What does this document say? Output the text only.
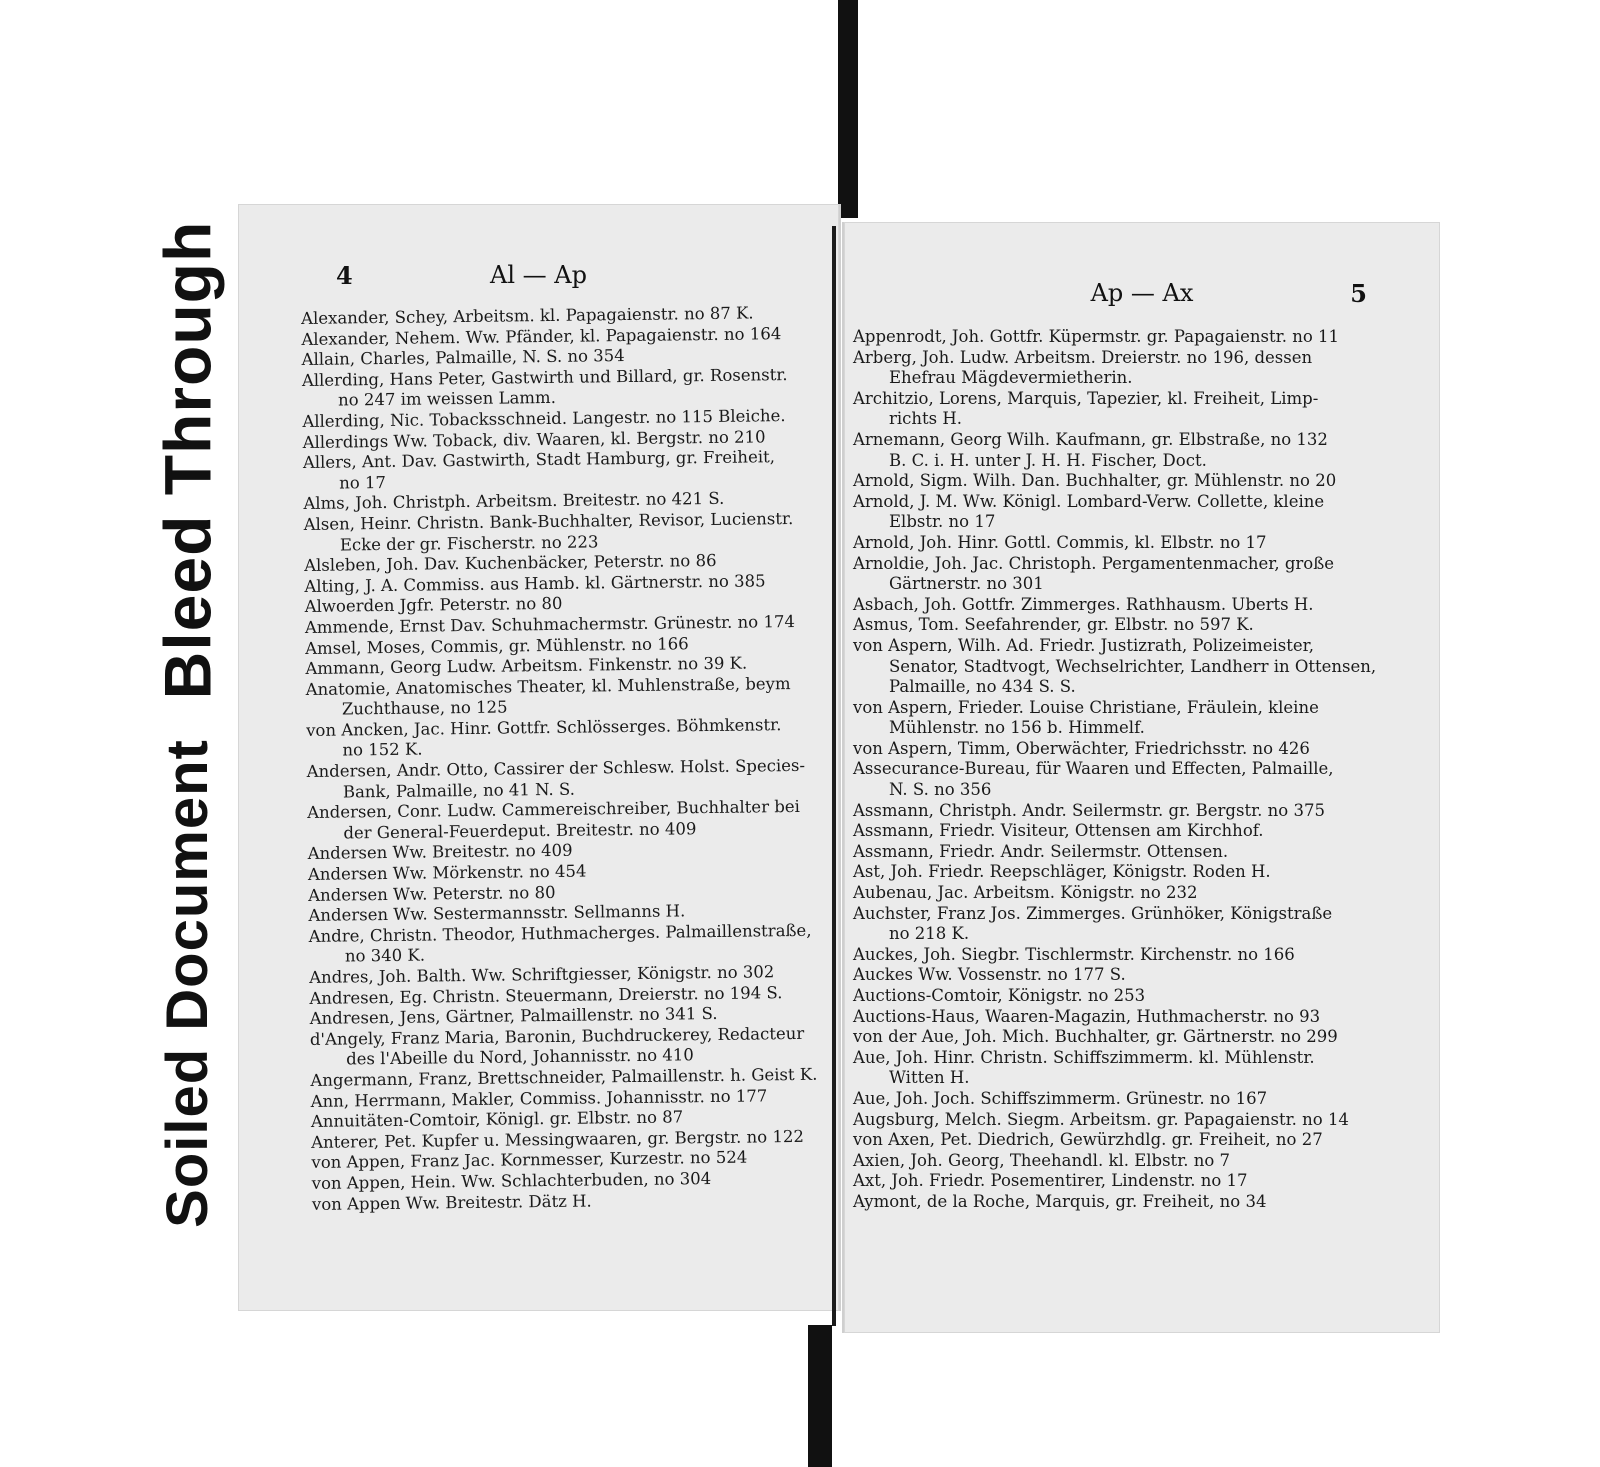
Bleed Through
Soiled Document
4	Al — Ap

Alexander, Schey, Arbeitsm. kl. Papagaienstr. no 87 K.

Alexander, Nehem. Ww. Pfänder, kl. Papagaienstr. no 164

Allain, Charles, Palmaille, N. S. no 354

Allerding, Hans Peter, Gastwirth und Billard, gr. Rosenstr.
no 247 im weissen Lamm.

Allerding, Nic. Tobacksschneid. Langestr. no 115 Bleiche.

Allerdings Ww. Toback, div. Waaren, kl. Bergstr. no 210

Allers, Ant. Dav. Gastwirth, Stadt Hamburg, gr. Freiheit,
no 17

Alms, Joh. Christph. Arbeitsm. Breitestr. no 421 S.

Alsen, Heinr. Christn. Bank-Buchhalter, Revisor, Lucienstr.
Ecke der gr. Fischerstr. no 223

Alsleben, Joh. Dav. Kuchenbäcker, Peterstr. no 86

Alting, J. A. Commiss. aus Hamb. kl. Gärtnerstr. no 385

Alwoerden Jgfr. Peterstr. no 80

Ammende, Ernst Dav. Schuhmachermstr. Grünestr. no 174

Amsel, Moses, Commis, gr. Mühlenstr. no 166

Ammann, Georg Ludw. Arbeitsm. Finkenstr. no 39 K.

Anatomie, Anatomisches Theater, kl. Muhlenstraße, beym
Zuchthause, no 125

von Ancken, Jac. Hinr. Gottfr. Schlösserges. Böhmkenstr.
no 152 K.

Andersen, Andr. Otto, Cassirer der Schlesw. Holst. Species-
Bank, Palmaille, no 41 N. S.

Andersen, Conr. Ludw. Cammereischreiber, Buchhalter bei
der General-Feuerdeput. Breitestr. no 409

Andersen Ww. Breitestr. no 409

Andersen Ww. Mörkenstr. no 454

Andersen Ww. Peterstr. no 80

Andersen Ww. Sestermannsstr. Sellmanns H.

Andre, Christn. Theodor, Huthmacherges. Palmaillenstraße,
no 340 K.

Andres, Joh. Balth. Ww. Schriftgiesser, Königstr. no 302

Andresen, Eg. Christn. Steuermann, Dreierstr. no 194 S.

Andresen, Jens, Gärtner, Palmaillenstr. no 341 S.

d'Angely, Franz Maria, Baronin, Buchdruckerey, Redacteur
des l'Abeille du Nord, Johannisstr. no 410

Angermann, Franz, Brettschneider, Palmaillenstr. h. Geist K.

Ann, Herrmann, Makler, Commiss. Johannisstr. no 177

Annuitäten-Comtoir, Königl. gr. Elbstr. no 87

Anterer, Pet. Kupfer u. Messingwaaren, gr. Bergstr. no 122

von Appen, Franz Jac. Kornmesser, Kurzestr. no 524

von Appen, Hein. Ww. Schlachterbuden, no 304

von Appen Ww. Breitestr. Dätz H.

Ap — Ax	5

Appenrodt, Joh. Gottfr. Küpermstr. gr. Papagaienstr. no 11

Arberg, Joh. Ludw. Arbeitsm. Dreierstr. no 196, dessen
Ehefrau Mägdevermietherin.

Architzio, Lorens, Marquis, Tapezier, kl. Freiheit, Limp-
richts H.

Arnemann, Georg Wilh. Kaufmann, gr. Elbstraße, no 132
B. C. i. H. unter J. H. H. Fischer, Doct.

Arnold, Sigm. Wilh. Dan. Buchhalter, gr. Mühlenstr. no 20

Arnold, J. M. Ww. Königl. Lombard-Verw. Collette, kleine
Elbstr. no 17

Arnold, Joh. Hinr. Gottl. Commis, kl. Elbstr. no 17

Arnoldie, Joh. Jac. Christoph. Pergamentenmacher, große
Gärtnerstr. no 301

Asbach, Joh. Gottfr. Zimmerges. Rathhausm. Uberts H.

Asmus, Tom. Seefahrender, gr. Elbstr. no 597 K.

von Aspern, Wilh. Ad. Friedr. Justizrath, Polizeimeister,
Senator, Stadtvogt, Wechselrichter, Landherr in Ottensen,
Palmaille, no 434 S. S.

von Aspern, Frieder. Louise Christiane, Fräulein, kleine
Mühlenstr. no 156 b. Himmelf.

von Aspern, Timm, Oberwächter, Friedrichsstr. no 426

Assecurance-Bureau, für Waaren und Effecten, Palmaille,
N. S. no 356

Assmann, Christph. Andr. Seilermstr. gr. Bergstr. no 375

Assmann, Friedr. Visiteur, Ottensen am Kirchhof.

Assmann, Friedr. Andr. Seilermstr. Ottensen.

Ast, Joh. Friedr. Reepschläger, Königstr. Roden H.

Aubenau, Jac. Arbeitsm. Königstr. no 232

Auchster, Franz Jos. Zimmerges. Grünhöker, Königstraße
no 218 K.

Auckes, Joh. Siegbr. Tischlermstr. Kirchenstr. no 166

Auckes Ww. Vossenstr. no 177 S.

Auctions-Comtoir, Königstr. no 253

Auctions-Haus, Waaren-Magazin, Huthmacherstr. no 93

von der Aue, Joh. Mich. Buchhalter, gr. Gärtnerstr. no 299

Aue, Joh. Hinr. Christn. Schiffszimmerm. kl. Mühlenstr.
Witten H.

Aue, Joh. Joch. Schiffszimmerm. Grünestr. no 167

Augsburg, Melch. Siegm. Arbeitsm. gr. Papagaienstr. no 14

von Axen, Pet. Diedrich, Gewürzhdlg. gr. Freiheit, no 27

Axien, Joh. Georg, Theehandl. kl. Elbstr. no 7

Axt, Joh. Friedr. Posementirer, Lindenstr. no 17

Aymont, de la Roche, Marquis, gr. Freiheit, no 34
